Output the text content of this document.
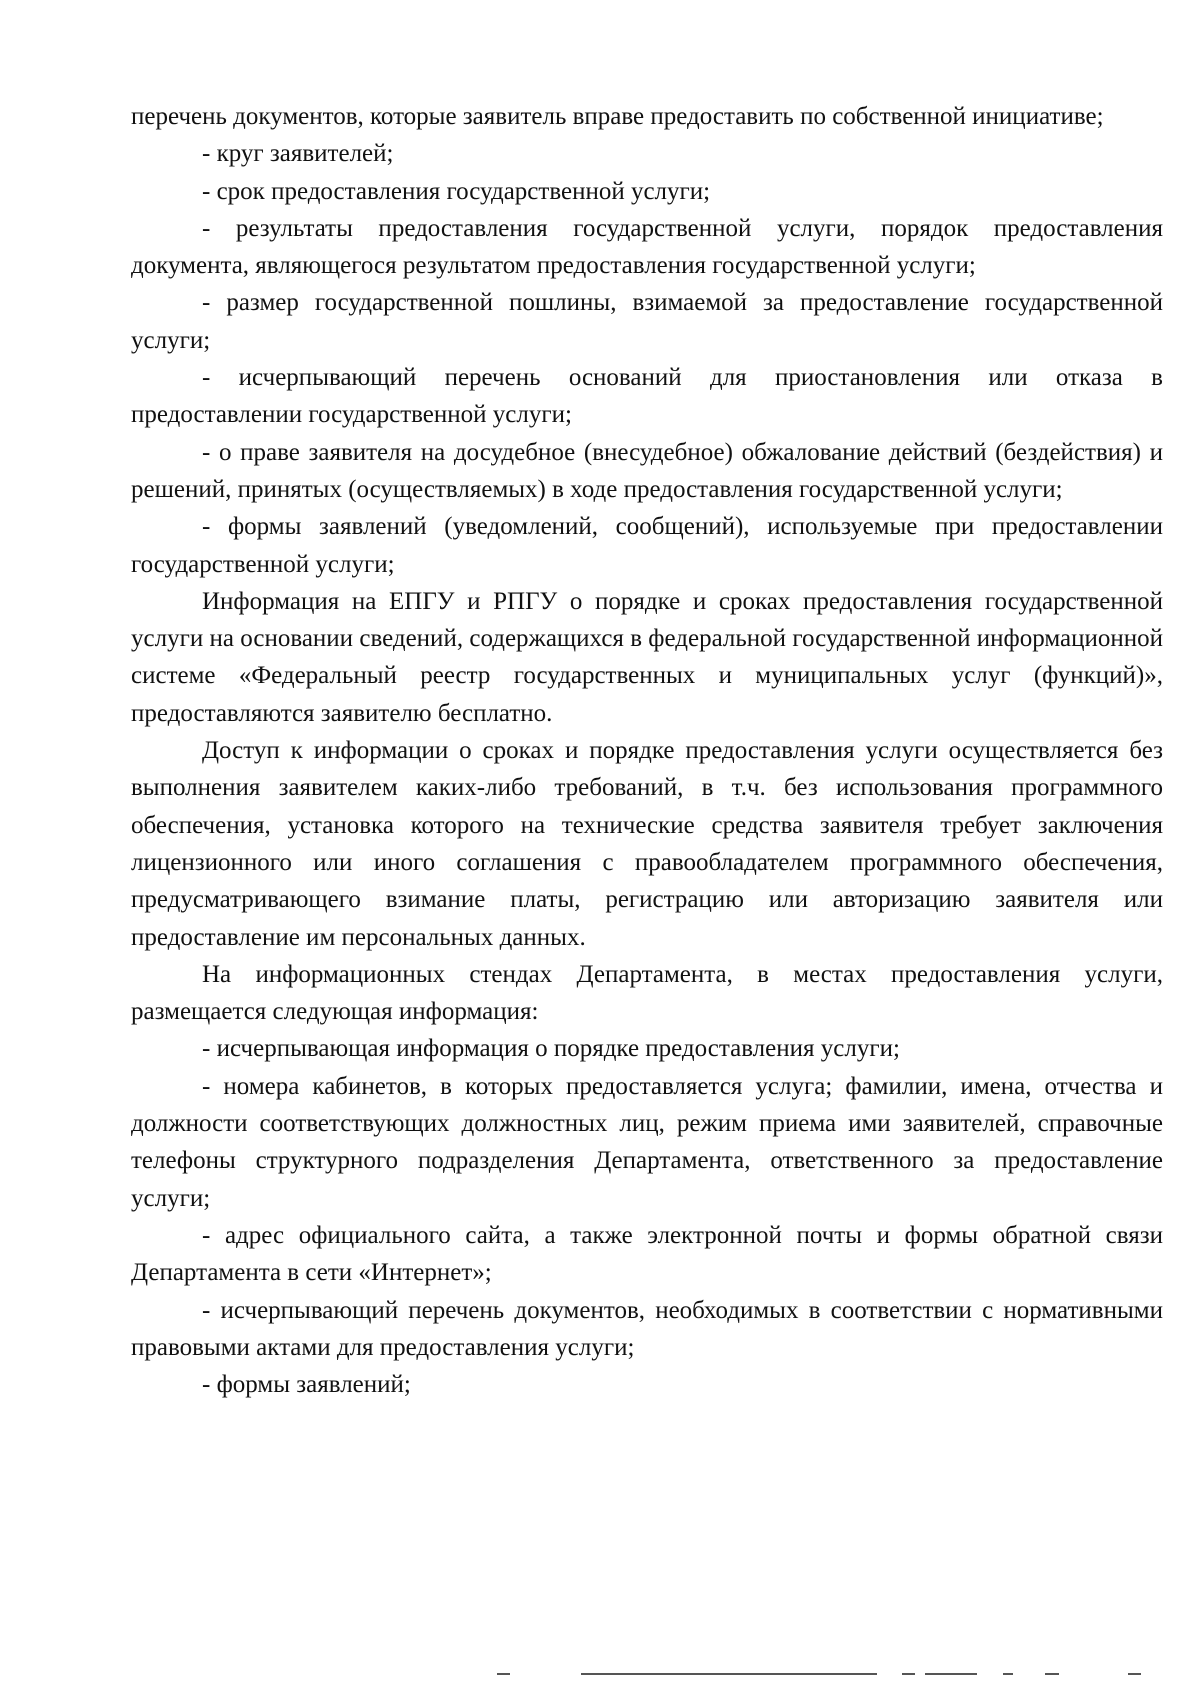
перечень документов, которые заявитель вправе предоставить по собственной инициативе;

- круг заявителей;

- срок предоставления государственной услуги;

- результаты предоставления государственной услуги, порядок предоставления документа, являющегося результатом предоставления государственной услуги;

- размер государственной пошлины, взимаемой за предоставление государственной услуги;

- исчерпывающий перечень оснований для приостановления или отказа в предоставлении государственной услуги;

- о праве заявителя на досудебное (внесудебное) обжалование действий (бездействия) и решений, принятых (осуществляемых) в ходе предоставления государственной услуги;

- формы заявлений (уведомлений, сообщений), используемые при предоставлении государственной услуги;

Информация на ЕПГУ и РПГУ о порядке и сроках предоставления государственной услуги на основании сведений, содержащихся в федеральной государственной информационной системе «Федеральный реестр государственных и муниципальных услуг (функций)», предоставляются заявителю бесплатно.

Доступ к информации о сроках и порядке предоставления услуги осуществляется без выполнения заявителем каких-либо требований, в т.ч. без использования программного обеспечения, установка которого на технические средства заявителя требует заключения лицензионного или иного соглашения с правообладателем программного обеспечения, предусматривающего взимание платы, регистрацию или авторизацию заявителя или предоставление им персональных данных.

На информационных стендах Департамента, в местах предоставления услуги, размещается следующая информация:

- исчерпывающая информация о порядке предоставления услуги;

- номера кабинетов, в которых предоставляется услуга; фамилии, имена, отчества и должности соответствующих должностных лиц, режим приема ими заявителей, справочные телефоны структурного подразделения Департамента, ответственного за предоставление услуги;

- адрес официального сайта, а также электронной почты и формы обратной связи Департамента в сети «Интернет»;

- исчерпывающий перечень документов, необходимых в соответствии с нормативными правовыми актами для предоставления услуги;

- формы заявлений;
